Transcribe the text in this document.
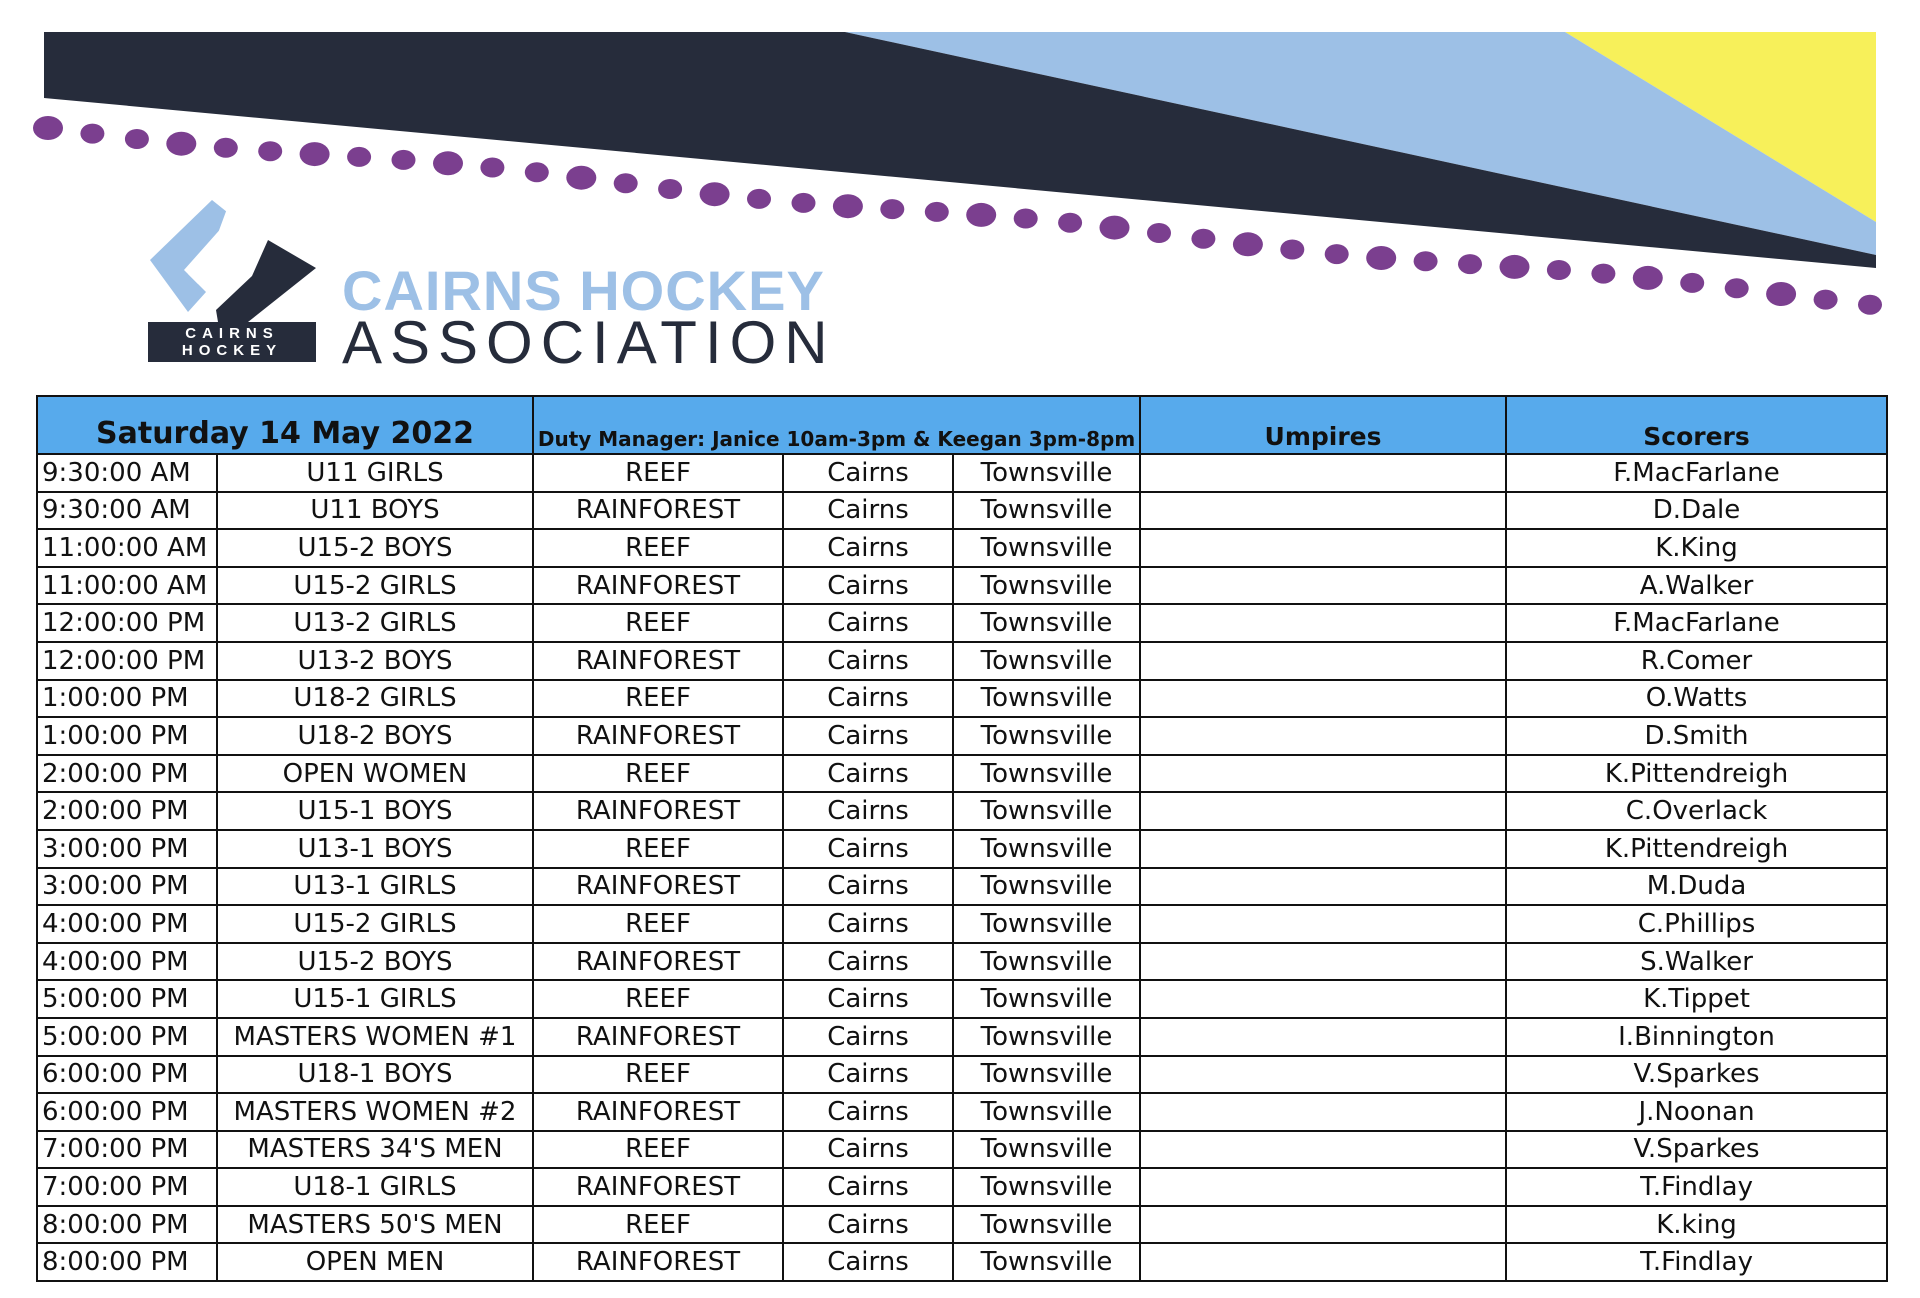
CAIRNS
HOCKEY
CAIRNS HOCKEY
ASSOCIATION
Saturday 14 May 2022		Duty Manager: Janice 10am-3pm & Keegan 3pm-8pm			Umpires	Scorers
9:30:00 AM	U11 GIRLS	REEF	Cairns	Townsville		F.MacFarlane
9:30:00 AM	U11 BOYS	RAINFOREST	Cairns	Townsville		D.Dale
11:00:00 AM	U15-2 BOYS	REEF	Cairns	Townsville		K.King
11:00:00 AM	U15-2 GIRLS	RAINFOREST	Cairns	Townsville		A.Walker
12:00:00 PM	U13-2 GIRLS	REEF	Cairns	Townsville		F.MacFarlane
12:00:00 PM	U13-2 BOYS	RAINFOREST	Cairns	Townsville		R.Comer
1:00:00 PM	U18-2 GIRLS	REEF	Cairns	Townsville		O.Watts
1:00:00 PM	U18-2 BOYS	RAINFOREST	Cairns	Townsville		D.Smith
2:00:00 PM	OPEN WOMEN	REEF	Cairns	Townsville		K.Pittendreigh
2:00:00 PM	U15-1 BOYS	RAINFOREST	Cairns	Townsville		C.Overlack
3:00:00 PM	U13-1 BOYS	REEF	Cairns	Townsville		K.Pittendreigh
3:00:00 PM	U13-1 GIRLS	RAINFOREST	Cairns	Townsville		M.Duda
4:00:00 PM	U15-2 GIRLS	REEF	Cairns	Townsville		C.Phillips
4:00:00 PM	U15-2 BOYS	RAINFOREST	Cairns	Townsville		S.Walker
5:00:00 PM	U15-1 GIRLS	REEF	Cairns	Townsville		K.Tippet
5:00:00 PM	MASTERS WOMEN #1	RAINFOREST	Cairns	Townsville		I.Binnington
6:00:00 PM	U18-1 BOYS	REEF	Cairns	Townsville		V.Sparkes
6:00:00 PM	MASTERS WOMEN #2	RAINFOREST	Cairns	Townsville		J.Noonan
7:00:00 PM	MASTERS 34'S MEN	REEF	Cairns	Townsville		V.Sparkes
7:00:00 PM	U18-1 GIRLS	RAINFOREST	Cairns	Townsville		T.Findlay
8:00:00 PM	MASTERS 50'S MEN	REEF	Cairns	Townsville		K.king
8:00:00 PM	OPEN MEN	RAINFOREST	Cairns	Townsville		T.Findlay
